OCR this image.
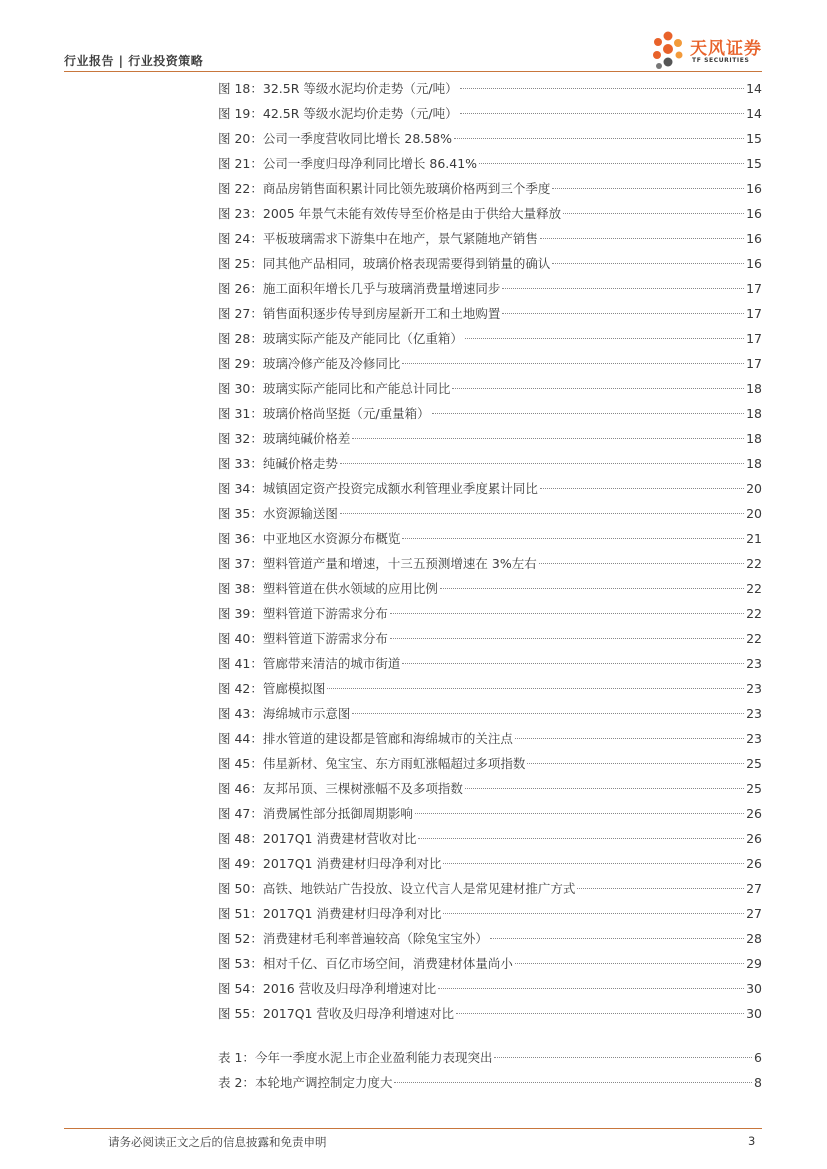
行业报告 | 行业投资策略
天风证券
TF SECURITIES
图 18： 32.5R 等级水泥均价走势（元/吨）	14
图 19： 42.5R 等级水泥均价走势（元/吨）	14
图 20： 公司一季度营收同比增长 28.58%	15
图 21： 公司一季度归母净利同比增长 86.41%	15
图 22： 商品房销售面积累计同比领先玻璃价格两到三个季度	16
图 23： 2005 年景气未能有效传导至价格是由于供给大量释放	16
图 24： 平板玻璃需求下游集中在地产，景气紧随地产销售	16
图 25： 同其他产品相同，玻璃价格表现需要得到销量的确认	16
图 26： 施工面积年增长几乎与玻璃消费量增速同步	17
图 27： 销售面积逐步传导到房屋新开工和土地购置	17
图 28： 玻璃实际产能及产能同比（亿重箱）	17
图 29： 玻璃冷修产能及冷修同比	17
图 30： 玻璃实际产能同比和产能总计同比	18
图 31： 玻璃价格尚坚挺（元/重量箱）	18
图 32： 玻璃纯碱价格差	18
图 33： 纯碱价格走势	18
图 34： 城镇固定资产投资完成额水利管理业季度累计同比	20
图 35： 水资源输送图	20
图 36： 中亚地区水资源分布概览	21
图 37： 塑料管道产量和增速，十三五预测增速在 3%左右	22
图 38： 塑料管道在供水领域的应用比例	22
图 39： 塑料管道下游需求分布	22
图 40： 塑料管道下游需求分布	22
图 41： 管廊带来清洁的城市街道	23
图 42： 管廊模拟图	23
图 43： 海绵城市示意图	23
图 44： 排水管道的建设都是管廊和海绵城市的关注点	23
图 45： 伟星新材、兔宝宝、东方雨虹涨幅超过多项指数	25
图 46： 友邦吊顶、三棵树涨幅不及多项指数	25
图 47： 消费属性部分抵御周期影响	26
图 48： 2017Q1 消费建材营收对比	26
图 49： 2017Q1 消费建材归母净利对比	26
图 50： 高铁、地铁站广告投放、设立代言人是常见建材推广方式	27
图 51： 2017Q1 消费建材归母净利对比	27
图 52： 消费建材毛利率普遍较高（除兔宝宝外）	28
图 53： 相对千亿、百亿市场空间，消费建材体量尚小	29
图 54： 2016 营收及归母净利增速对比	30
图 55： 2017Q1 营收及归母净利增速对比	30
表 1： 今年一季度水泥上市企业盈利能力表现突出	6
表 2： 本轮地产调控制定力度大	8
请务必阅读正文之后的信息披露和免责申明	3
